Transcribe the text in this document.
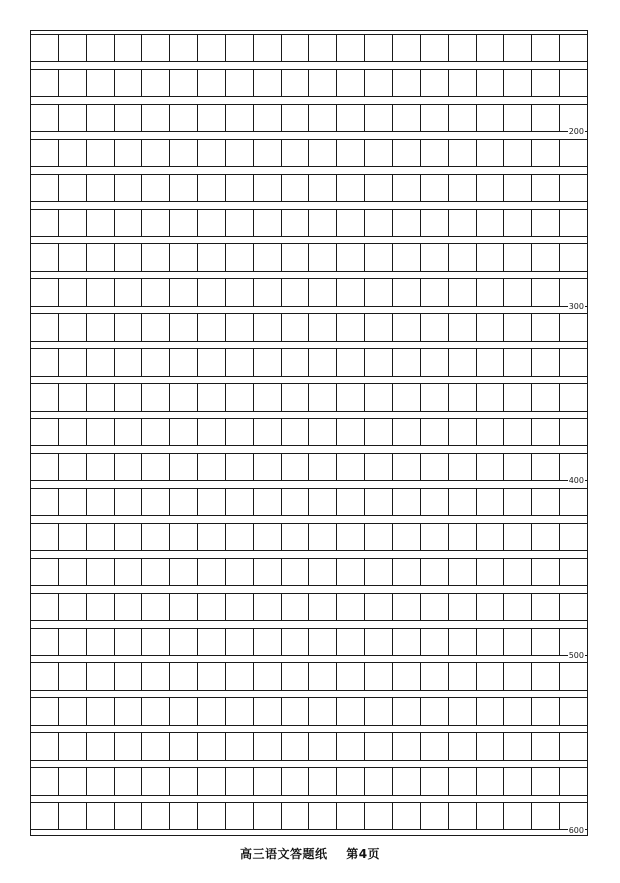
200
300
400
500
600
高三语文答题纸 第4页
